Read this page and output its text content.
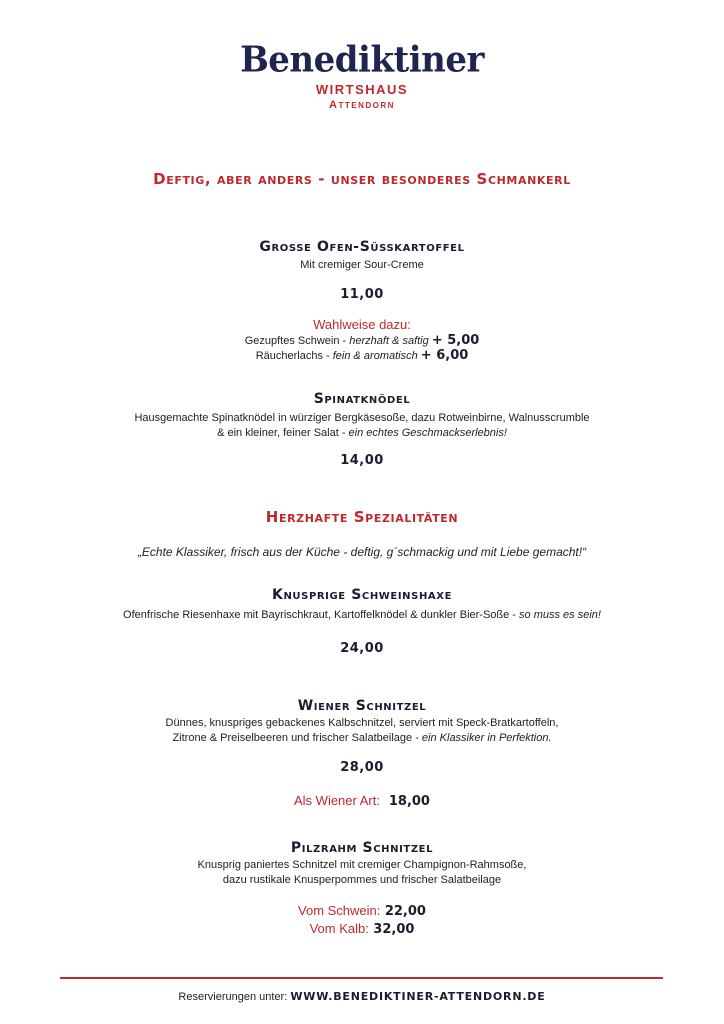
Benediktiner
WIRTSHAUS
Attendorn
Deftig, aber anders - unser besonderes Schmankerl
Grosse Ofen-Süsskartoffel
Mit cremiger Sour-Creme
11,00
Wahlweise dazu:
Gezupftes Schwein - herzhaft & saftig + 5,00
Räucherlachs - fein & aromatisch + 6,00
Spinatknödel
Hausgemachte Spinatknödel in würziger Bergkäsesoße, dazu Rotweinbirne, Walnusscrumble
& ein kleiner, feiner Salat - ein echtes Geschmackserlebnis!
14,00
Herzhafte Spezialitäten
„Echte Klassiker, frisch aus der Küche - deftig, g´schmackig und mit Liebe gemacht!“
Knusprige Schweinshaxe
Ofenfrische Riesenhaxe mit Bayrischkraut, Kartoffelknödel & dunkler Bier-Soße - so muss es sein!
24,00
Wiener Schnitzel
Dünnes, knuspriges gebackenes Kalbschnitzel, serviert mit Speck-Bratkartoffeln,
Zitrone & Preiselbeeren und frischer Salatbeilage - ein Klassiker in Perfektion.
28,00
Als Wiener Art: 18,00
Pilzrahm Schnitzel
Knusprig paniertes Schnitzel mit cremiger Champignon-Rahmsoße,
dazu rustikale Knusperpommes und frischer Salatbeilage
Vom Schwein: 22,00
Vom Kalb: 32,00
Reservierungen unter: WWW.BENEDIKTINER-ATTENDORN.DE
